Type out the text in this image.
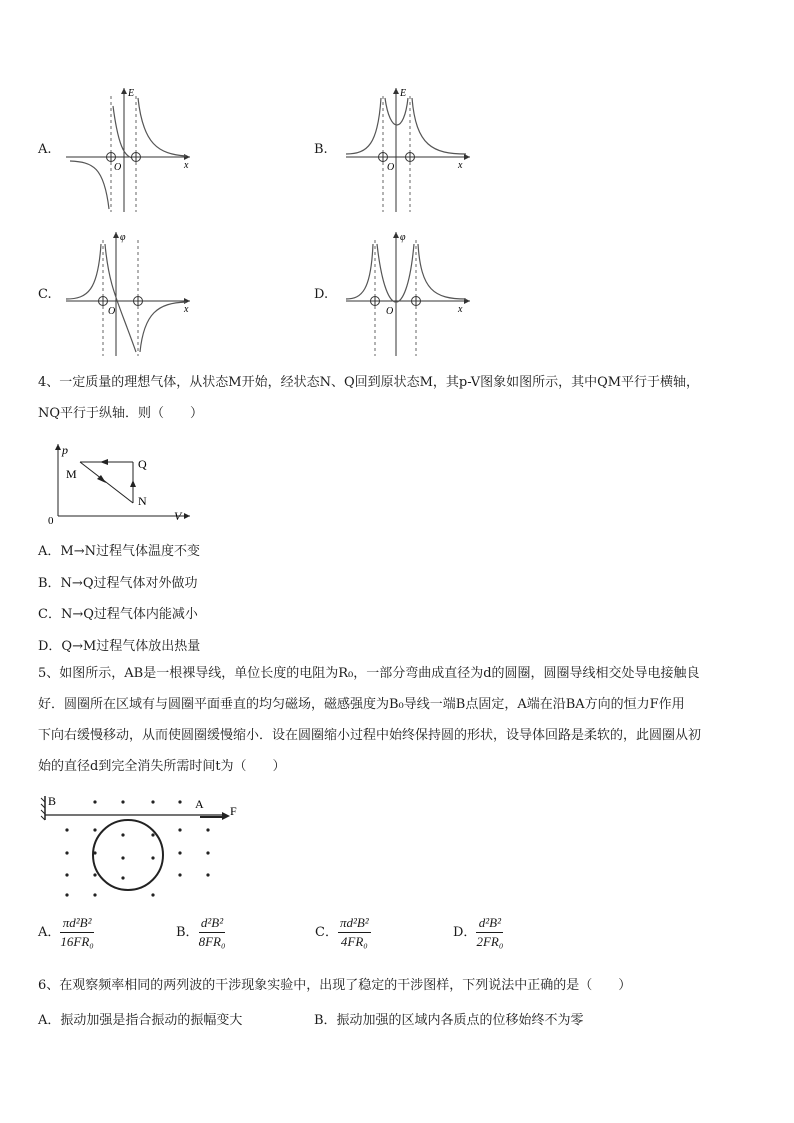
A.
E
x
O
B.
E
x
O
C.
φ
x
O
D.
φ
x
O
4、一定质量的理想气体，从状态M开始，经状态N、Q回到原状态M，其p-V图象如图所示，其中QM平行于横轴，
NQ平行于纵轴．则（　　）
p
V
0
M
Q
N
A．M→N过程气体温度不变
B．N→Q过程气体对外做功
C．N→Q过程气体内能减小
D．Q→M过程气体放出热量
5、如图所示，AB是一根裸导线，单位长度的电阻为R₀，一部分弯曲成直径为d的圆圈，圆圈导线相交处导电接触良
好．圆圈所在区域有与圆圈平面垂直的均匀磁场，磁感强度为B₀导线一端B点固定，A端在沿BA方向的恒力F作用
下向右缓慢移动，从而使圆圈缓慢缩小．设在圆圈缩小过程中始终保持圆的形状，设导体回路是柔软的，此圆圈从初
始的直径d到完全消失所需时间t为（　　）
B	A F
A． $\frac{\text{πd²B²}}{\text{16FR₀}}$	B． $\frac{\text{d²B²}}{\text{8FR₀}}$	C． $\frac{\text{πd²B²}}{\text{4FR₀}}$	D． $\frac{\text{d²B²}}{\text{2FR₀}}$
6、在观察频率相同的两列波的干涉现象实验中，出现了稳定的干涉图样，下列说法中正确的是（　　）
A．振动加强是指合振动的振幅变大	B．振动加强的区域内各质点的位移始终不为零
